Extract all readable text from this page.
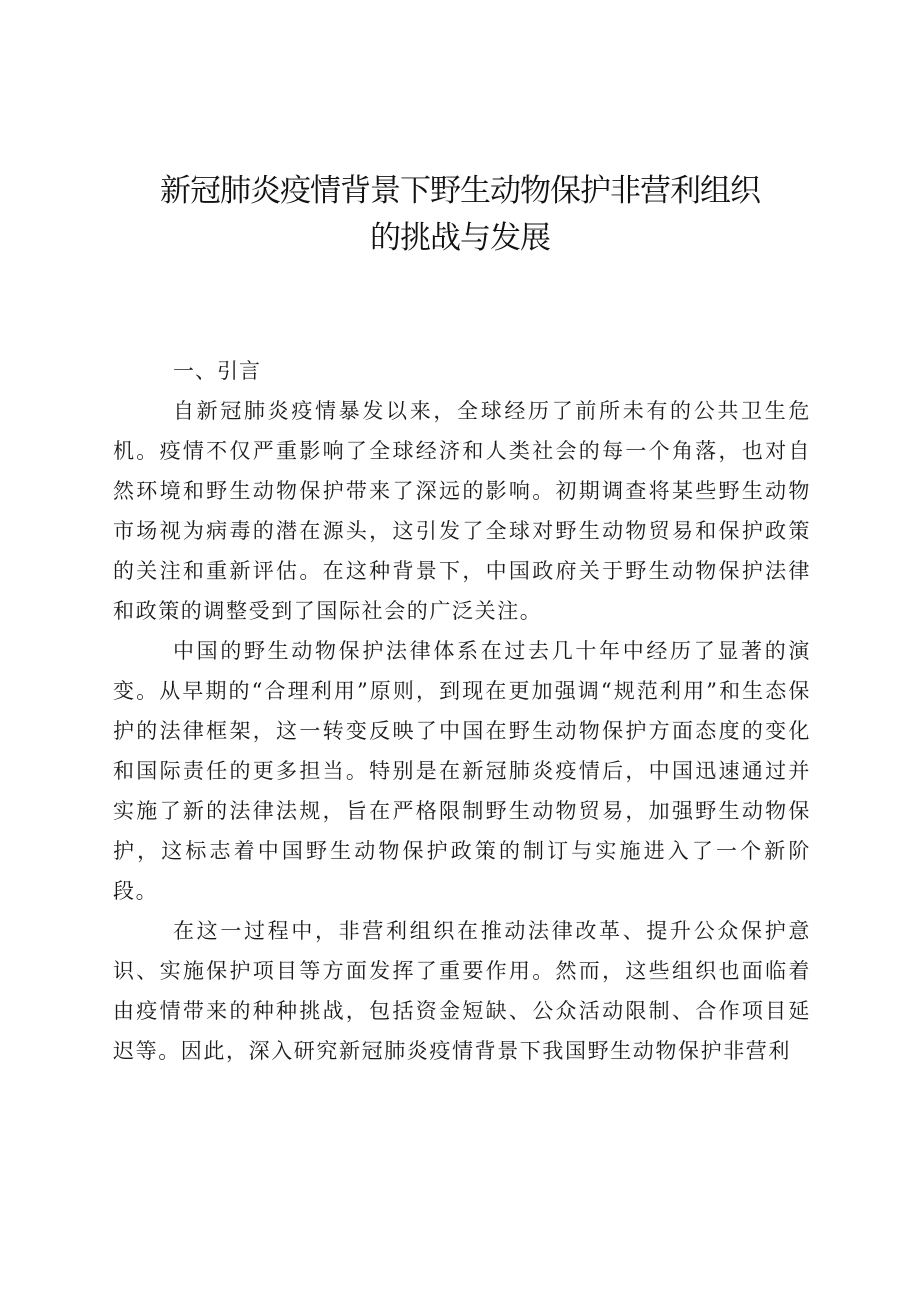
新冠肺炎疫情背景下野生动物保护非营利组织
的挑战与发展

一、引言

自新冠肺炎疫情暴发以来，全球经历了前所未有的公共卫生危机。疫情不仅严重影响了全球经济和人类社会的每一个角落，也对自然环境和野生动物保护带来了深远的影响。初期调查将某些野生动物市场视为病毒的潜在源头，这引发了全球对野生动物贸易和保护政策的关注和重新评估。在这种背景下，中国政府关于野生动物保护法律和政策的调整受到了国际社会的广泛关注。

中国的野生动物保护法律体系在过去几十年中经历了显著的演变。从早期的“合理利用”原则，到现在更加强调“规范利用”和生态保护的法律框架，这一转变反映了中国在野生动物保护方面态度的变化和国际责任的更多担当。特别是在新冠肺炎疫情后，中国迅速通过并实施了新的法律法规，旨在严格限制野生动物贸易，加强野生动物保护，这标志着中国野生动物保护政策的制订与实施进入了一个新阶段。

在这一过程中，非营利组织在推动法律改革、提升公众保护意识、实施保护项目等方面发挥了重要作用。然而，这些组织也面临着由疫情带来的种种挑战，包括资金短缺、公众活动限制、合作项目延迟等。因此，深入研究新冠肺炎疫情背景下我国野生动物保护非营利
